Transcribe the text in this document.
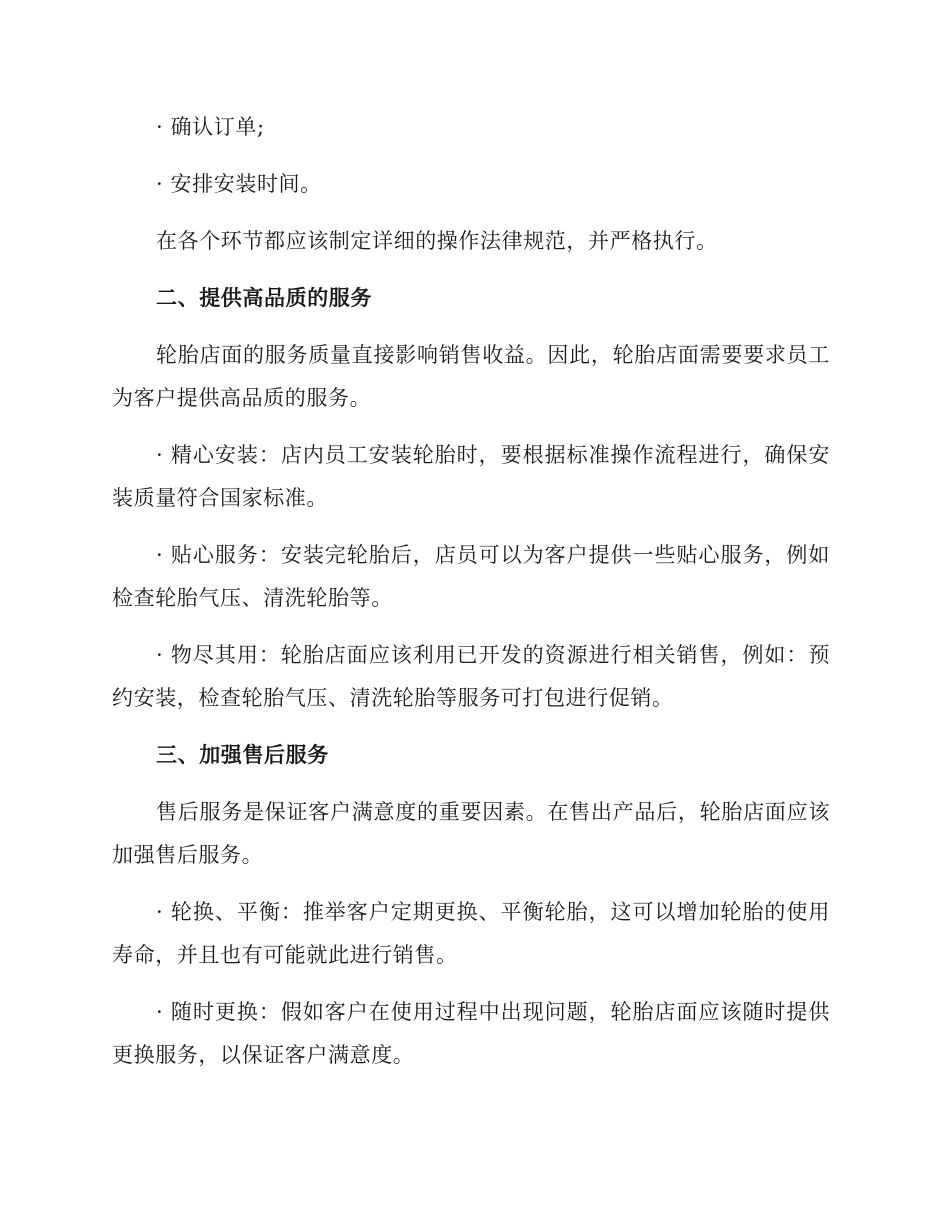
· 确认订单;

· 安排安装时间。

在各个环节都应该制定详细的操作法律规范，并严格执行。

二、提供高品质的服务

轮胎店面的服务质量直接影响销售收益。因此，轮胎店面需要要求员工为客户提供高品质的服务。

· 精心安装：店内员工安装轮胎时，要根据标准操作流程进行，确保安装质量符合国家标准。

· 贴心服务：安装完轮胎后，店员可以为客户提供一些贴心服务，例如检查轮胎气压、清洗轮胎等。

· 物尽其用：轮胎店面应该利用已开发的资源进行相关销售，例如：预约安装，检查轮胎气压、清洗轮胎等服务可打包进行促销。

三、加强售后服务

售后服务是保证客户满意度的重要因素。在售出产品后，轮胎店面应该加强售后服务。

· 轮换、平衡：推举客户定期更换、平衡轮胎，这可以增加轮胎的使用寿命，并且也有可能就此进行销售。

· 随时更换：假如客户在使用过程中出现问题，轮胎店面应该随时提供更换服务，以保证客户满意度。
